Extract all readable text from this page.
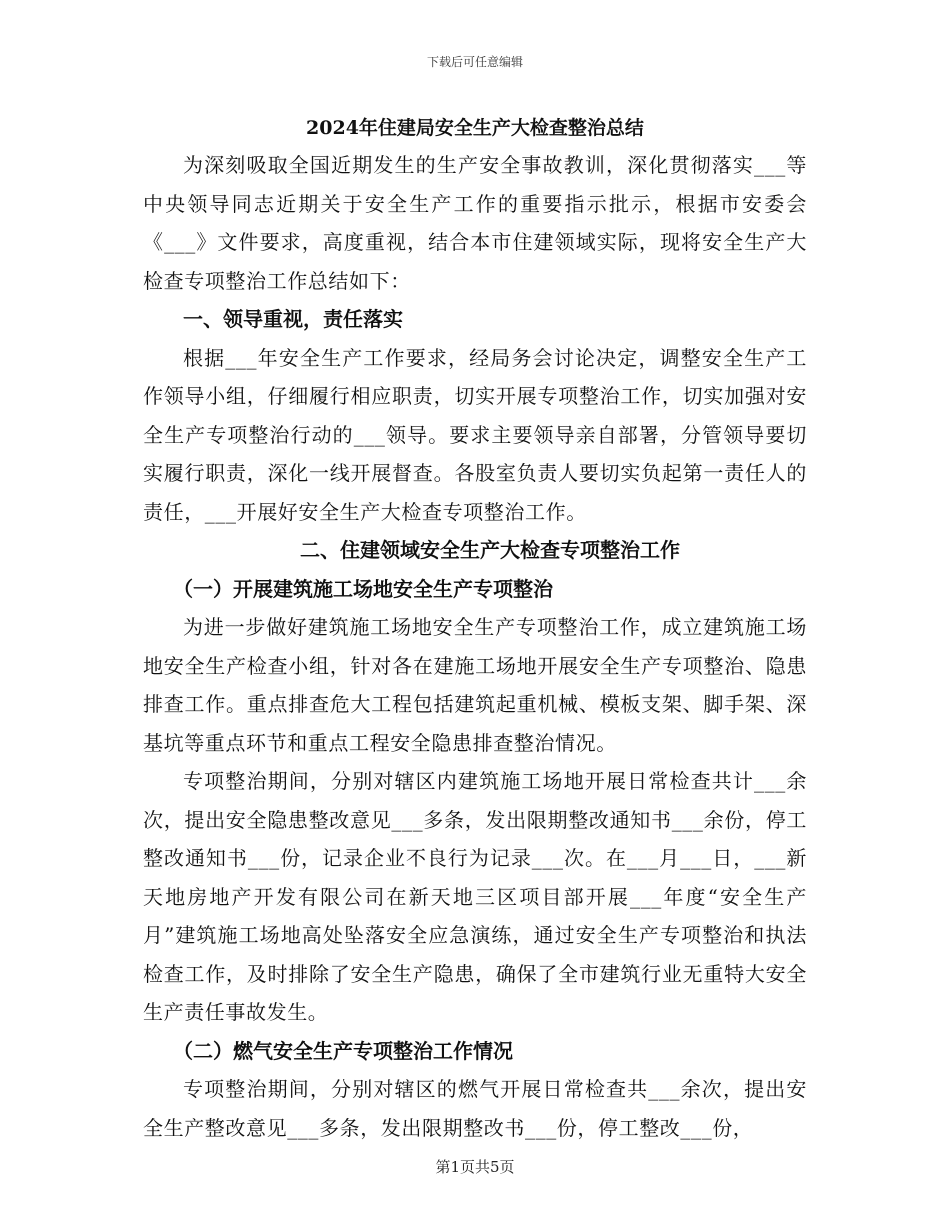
下载后可任意编辑

2024年住建局安全生产大检查整治总结

为深刻吸取全国近期发生的生产安全事故教训，深化贯彻落实___等中央领导同志近期关于安全生产工作的重要指示批示，根据市安委会《___》文件要求，高度重视，结合本市住建领域实际，现将安全生产大检查专项整治工作总结如下：

一、领导重视，责任落实

根据___年安全生产工作要求，经局务会讨论决定，调整安全生产工作领导小组，仔细履行相应职责，切实开展专项整治工作，切实加强对安全生产专项整治行动的___领导。要求主要领导亲自部署，分管领导要切实履行职责，深化一线开展督查。各股室负责人要切实负起第一责任人的责任，___开展好安全生产大检查专项整治工作。

二、住建领域安全生产大检查专项整治工作

（一）开展建筑施工场地安全生产专项整治

为进一步做好建筑施工场地安全生产专项整治工作，成立建筑施工场地安全生产检查小组，针对各在建施工场地开展安全生产专项整治、隐患排查工作。重点排查危大工程包括建筑起重机械、模板支架、脚手架、深基坑等重点环节和重点工程安全隐患排查整治情况。

专项整治期间，分别对辖区内建筑施工场地开展日常检查共计___余次，提出安全隐患整改意见___多条，发出限期整改通知书___余份，停工整改通知书___份，记录企业不良行为记录___次。在___月___日，___新天地房地产开发有限公司在新天地三区项目部开展___年度“安全生产月”建筑施工场地高处坠落安全应急演练，通过安全生产专项整治和执法检查工作，及时排除了安全生产隐患，确保了全市建筑行业无重特大安全生产责任事故发生。

（二）燃气安全生产专项整治工作情况

专项整治期间，分别对辖区的燃气开展日常检查共___余次，提出安全生产整改意见___多条，发出限期整改书___份，停工整改___份，

第1页共5页
